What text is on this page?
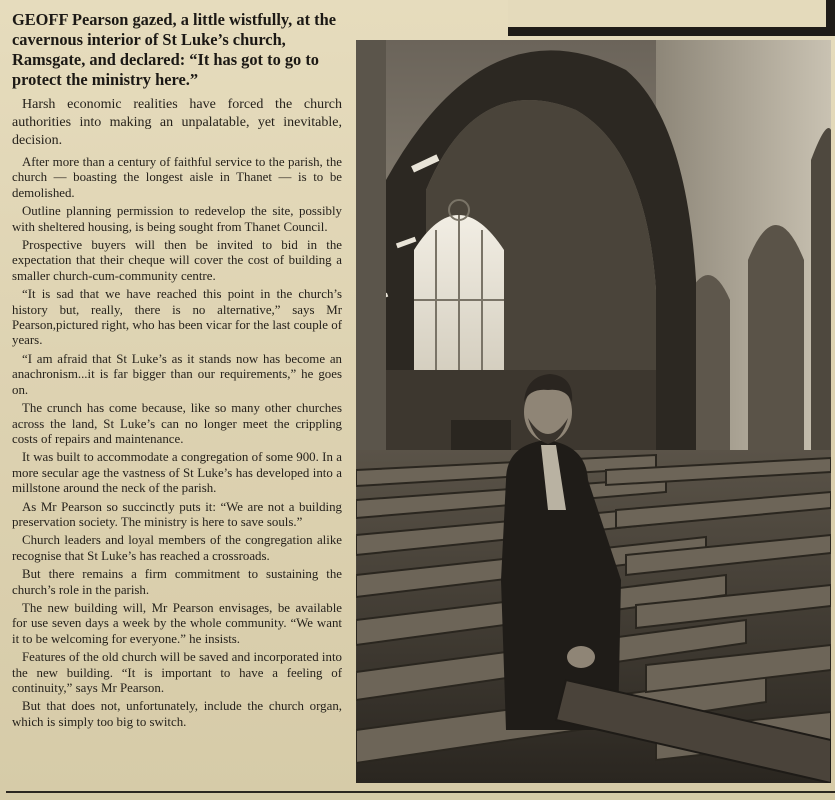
GEOFF Pearson gazed, a little wistfully, at the cavernous interior of St Luke’s church, Ramsgate, and declared: “It has got to go to protect the ministry here.”

Harsh economic realities have forced the church authorities into making an unpalatable, yet inevitable, decision.

After more than a century of faithful service to the parish, the church — boasting the longest aisle in Thanet — is to be demolished.

Outline planning permission to redevelop the site, possibly with sheltered housing, is being sought from Thanet Council.

Prospective buyers will then be invited to bid in the expectation that their cheque will cover the cost of building a smaller church-cum-community centre.

“It is sad that we have reached this point in the church’s history but, really, there is no alternative,” says Mr Pearson,pictured right, who has been vicar for the last couple of years.

“I am afraid that St Luke’s as it stands now has become an anachronism...it is far bigger than our requirements,” he goes on.

The crunch has come because, like so many other churches across the land, St Luke’s can no longer meet the crippling costs of repairs and maintenance.

It was built to accommodate a congregation of some 900. In a more secular age the vastness of St Luke’s has developed into a millstone around the neck of the parish.

As Mr Pearson so succinctly puts it: “We are not a building preservation society. The ministry is here to save souls.”

Church leaders and loyal members of the congregation alike recognise that St Luke’s has reached a crossroads.

But there remains a firm commitment to sustaining the church’s role in the parish.

The new building will, Mr Pearson envisages, be available for use seven days a week by the whole community. “We want it to be welcoming for everyone.” he insists.

Features of the old church will be saved and incorporated into the new building. “It is important to have a feeling of continuity,” says Mr Pearson.

But that does not, unfortunately, include the church organ, which is simply too big to switch.
